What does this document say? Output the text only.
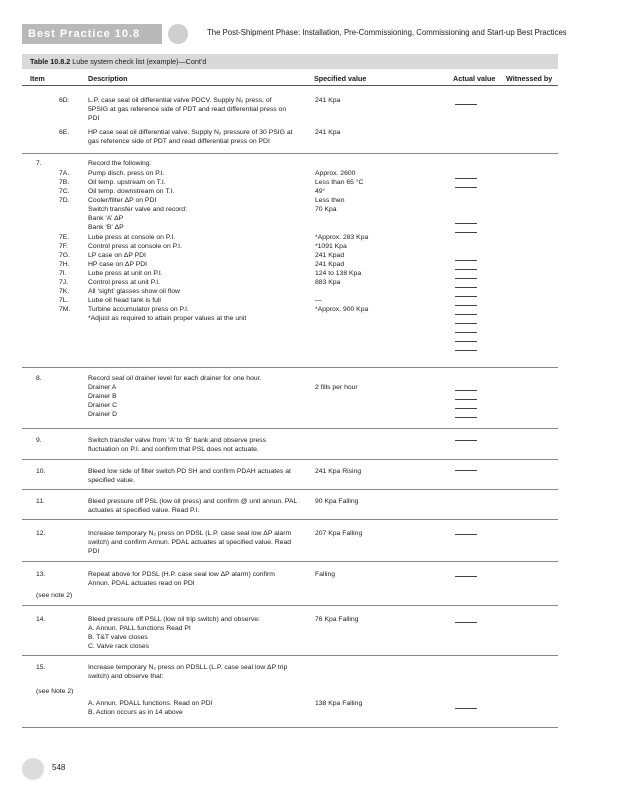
Best Practice 10.8	The Post-Shipment Phase: Installation, Pre-Commissioning, Commissioning and Start-up Best Practices
Table 10.8.2 Lube system check list (example)—Cont’d
Item	Description	Specified value	Actual value Witnessed by
6D.	L.P. case seal oil differential valve PDCV. Supply N₂ press, of	241 Kpa
5PSIG at gas reference side of PDT and read differential press on
PDI
6E.	HP case seal oil differential valve. Supply N₂ pressure of 30 PSIG at	241 Kpa
gas reference side of PDT and read differential press on PDI
7.	Record the following:
7A.	Pump disch. press on P.I.	Approx. 2600
7B.	Oil temp. upstream on T.I.	Less than 65 °C
7C.	Oil temp. downstream on T.I.	49°
7D.	Cooler/filter ΔP on PDI	Less then
Switch transfer valve and record:	70 Kpa
Bank ‘A’ ΔP
Bank ‘B’ ΔP
7E.	Lube press at console on P.I.	*Approx. 283 Kpa
7F.	Control press at console on P.I.	*1091 Kpa
7G.	LP case on ΔP PDI	241 Kpad
7H.	HP case on ΔP PDI	241 Kpad
7I.	Lube press at unit on P.I.	124 to 138 Kpa
7J.	Control press at unit P.I.	883 Kpa
7K.	All ‘sight’ glasses show oil flow
7L.	Lube oil head tank is full	—
7M.	Turbine accumulator press on P.I.	*Approx. 900 Kpa
*Adjust as required to attain proper values at the unit
8.	Record seal oil drainer level for each drainer for one hour.
Drainer A	2 fills per hour
Drainer B
Drainer C
Drainer D
9.	Switch transfer valve from ‘A’ to ‘B’ bank and observe press
fluctuation on P.I. and confirm that PSL does not actuate.
10.	Bleed low side of filter switch PD SH and confirm PDAH actuates at	241 Kpa Rising
specified value.
11.	Bleed pressure off PSL (low oil press) and confirm @ unit annun. PAL	90 Kpa Falling
actuates at specified value. Read P.I.
12.	Increase temporary N₂ press on PDSL (L.P. case seal low ΔP alarm	207 Kpa Falling
switch) and confirm Annun. PDAL actuates at specified value. Read
PDI
13.	Repeat above for PDSL (H.P. case seal low ΔP alarm) confirm	Falling
Annun. PDAL actuates read on PDI
(see note 2)
14.	Bleed pressure off PSLL (low oil trip switch) and observe:	76 Kpa Falling
A. Annun. PALL functions Read PI
B. T&T valve closes
C. Valve rack closes
15.	Increase temporary N₂ press on PDSLL (L.P. case seal low ΔP trip
switch) and observe that:
(see Note 2)
A. Annun. PDALL functions. Read on PDI	138 Kpa Falling
B. Action occurs as in 14 above
548
